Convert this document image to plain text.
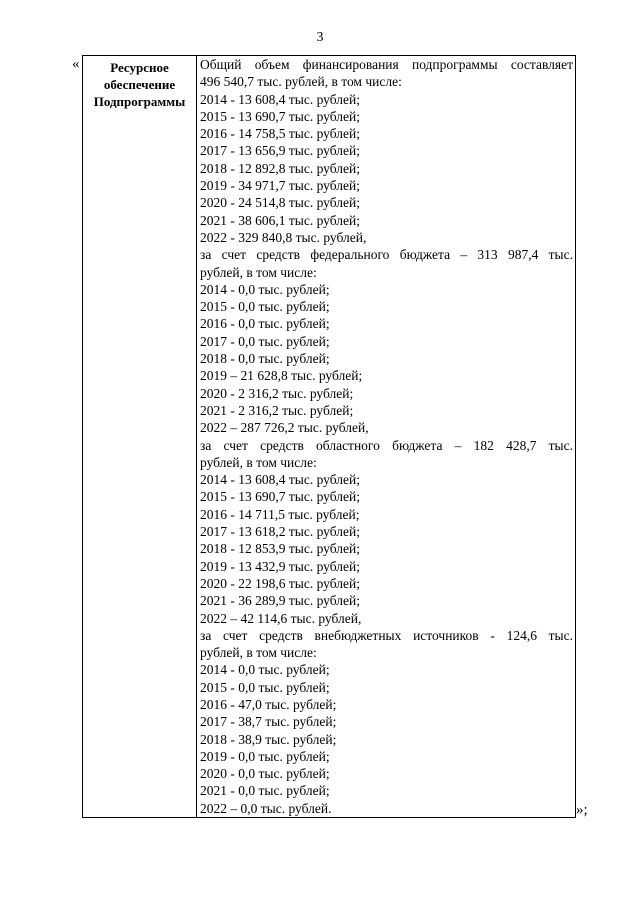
3
«	Ресурсное
обеспечение
Подпрограммы

Общий объем финансирования подпрограммы составляет
496 540,7 тыс. рублей, в том числе:
2014 - 13 608,4 тыс. рублей;
2015 - 13 690,7 тыс. рублей;
2016 - 14 758,5 тыс. рублей;
2017 - 13 656,9 тыс. рублей;
2018 - 12 892,8 тыс. рублей;
2019 - 34 971,7 тыс. рублей;
2020 - 24 514,8 тыс. рублей;
2021 - 38 606,1 тыс. рублей;
2022 - 329 840,8 тыс. рублей,
за счет средств федерального бюджета – 313 987,4 тыс.
рублей, в том числе:
2014 - 0,0 тыс. рублей;
2015 - 0,0 тыс. рублей;
2016 - 0,0 тыс. рублей;
2017 - 0,0 тыс. рублей;
2018 - 0,0 тыс. рублей;
2019 – 21 628,8 тыс. рублей;
2020 - 2 316,2 тыс. рублей;
2021 - 2 316,2 тыс. рублей;
2022 – 287 726,2 тыс. рублей,
за счет средств областного бюджета – 182 428,7 тыс.
рублей, в том числе:
2014 - 13 608,4 тыс. рублей;
2015 - 13 690,7 тыс. рублей;
2016 - 14 711,5 тыс. рублей;
2017 - 13 618,2 тыс. рублей;
2018 - 12 853,9 тыс. рублей;
2019 - 13 432,9 тыс. рублей;
2020 - 22 198,6 тыс. рублей;
2021 - 36 289,9 тыс. рублей;
2022 – 42 114,6 тыс. рублей,
за счет средств внебюджетных источников - 124,6 тыс.
рублей, в том числе:
2014 - 0,0 тыс. рублей;
2015 - 0,0 тыс. рублей;
2016 - 47,0 тыс. рублей;
2017 - 38,7 тыс. рублей;
2018 - 38,9 тыс. рублей;
2019 - 0,0 тыс. рублей;
2020 - 0,0 тыс. рублей;
2021 - 0,0 тыс. рублей;
2022 – 0,0 тыс. рублей.	»;
